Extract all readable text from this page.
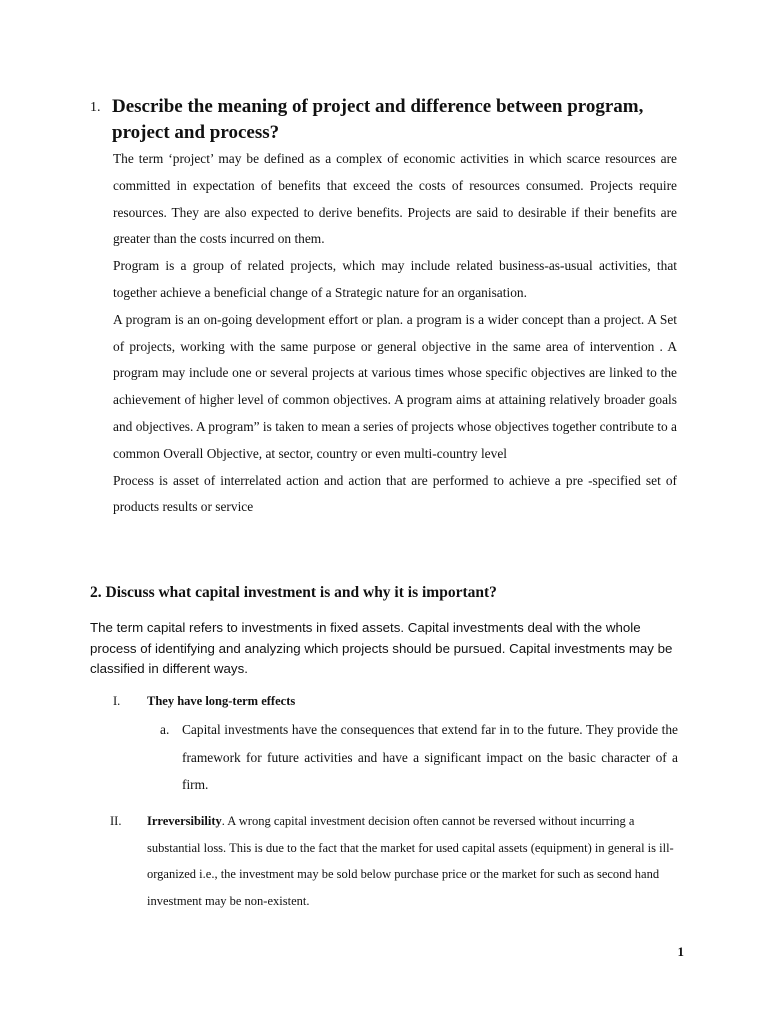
1. Describe the meaning of project and difference between program, project and process?

The term ‘project’ may be defined as a complex of economic activities in which scarce resources are committed in expectation of benefits that exceed the costs of resources consumed. Projects require resources. They are also expected to derive benefits. Projects are said to desirable if their benefits are greater than the costs incurred on them.

Program is a group of related projects, which may include related business-as-usual activities, that together achieve a beneficial change of a Strategic nature for an organisation.

A program is an on-going development effort or plan. a program is a wider concept than a project. A Set of projects, working with the same purpose or general objective in the same area of intervention . A program may include one or several projects at various times whose specific objectives are linked to the achievement of higher level of common objectives. A program aims at attaining relatively broader goals and objectives. A program” is taken to mean a series of projects whose objectives together contribute to a common Overall Objective, at sector, country or even multi-country level

Process is asset of interrelated action and action that are performed to achieve a pre -specified set of products results or service

2. Discuss what capital investment is and why it is important?

The term capital refers to investments in fixed assets. Capital investments deal with the whole process of identifying and analyzing which projects should be pursued. Capital investments may be classified in different ways.

I. They have long-term effects
a. Capital investments have the consequences that extend far in to the future. They provide the framework for future activities and have a significant impact on the basic character of a firm.

II.	Irreversibility. A wrong capital investment decision often cannot be reversed without incurring a substantial loss. This is due to the fact that the market for used capital assets (equipment) in general is ill-organized i.e., the investment may be sold below purchase price or the market for such as second hand investment may be non-existent.

1
